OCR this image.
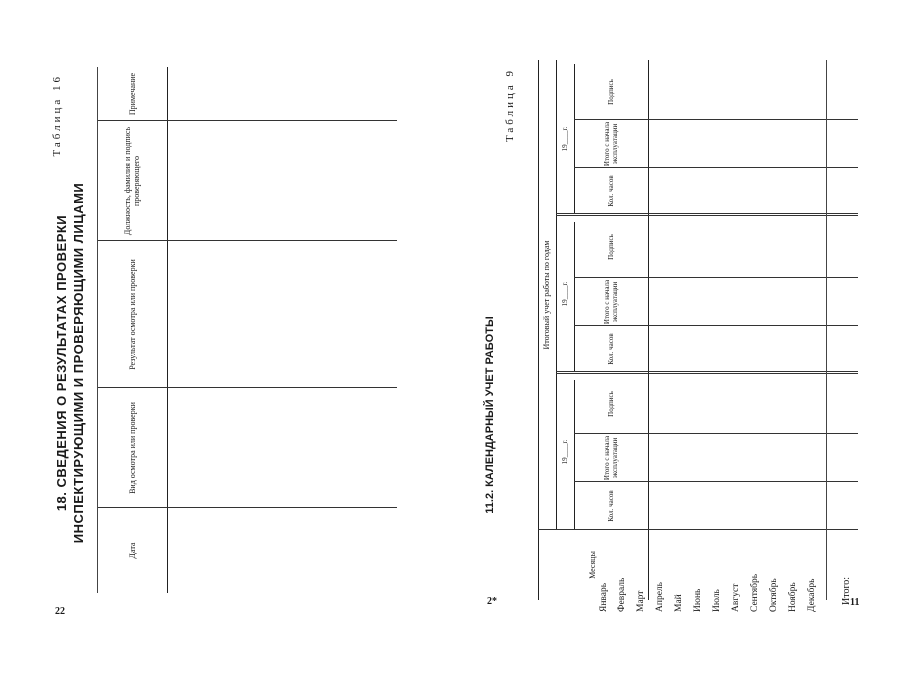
18. СВЕДЕНИЯ О РЕЗУЛЬТАТАХ ПРОВЕРКИ ИНСПЕКТИРУЮЩИМИ И ПРОВЕРЯЮЩИМИ ЛИЦАМИ
Таблица 16
Дата
Вид осмотра или проверки
Результат осмотра или проверки
Должность, фамилия и подпись проверяющего
Примечание
22
11.2. КАЛЕНДАРНЫЙ УЧЕТ РАБОТЫ
Таблица 9
Месяцы
Итоговый учет работы по годам
19____г.
19____г.
19____г.
Кол. часов
Итого с начала эксплуатации
Подпись
Кол. часов
Итого с начала эксплуатации
Подпись
Кол. часов
Итого с начала эксплуатации
Подпись
Январь Февраль Март Апрель Май Июнь Июль Август Сентябрь Октябрь Ноябрь Декабрь Итого:
2*	11
